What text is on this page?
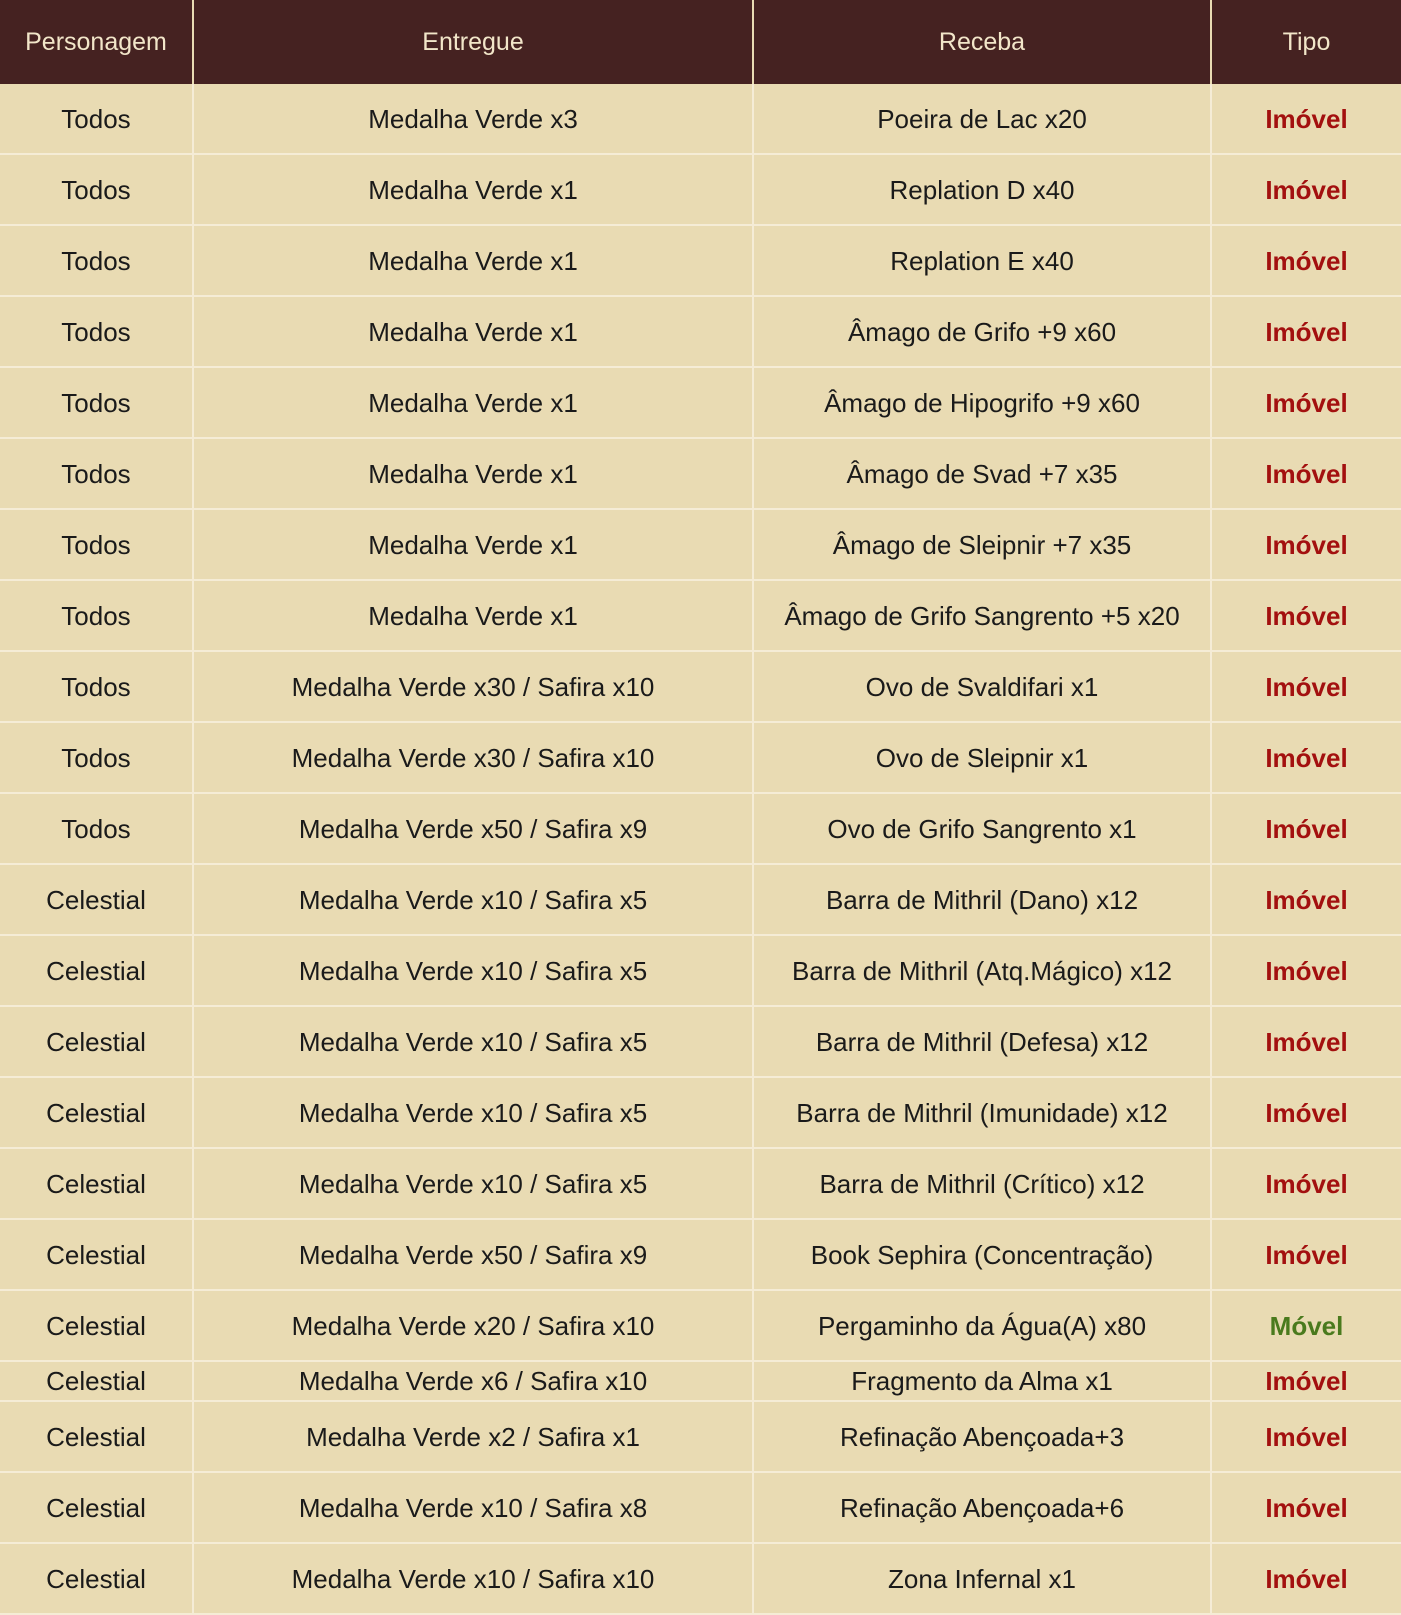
Personagem	Entregue	Receba	Tipo
Todos	Medalha Verde x3	Poeira de Lac x20	Imóvel
Todos	Medalha Verde x1	Replation D x40	Imóvel
Todos	Medalha Verde x1	Replation E x40	Imóvel
Todos	Medalha Verde x1	Âmago de Grifo +9 x60	Imóvel
Todos	Medalha Verde x1	Âmago de Hipogrifo +9 x60	Imóvel
Todos	Medalha Verde x1	Âmago de Svad +7 x35	Imóvel
Todos	Medalha Verde x1	Âmago de Sleipnir +7 x35	Imóvel
Todos	Medalha Verde x1	Âmago de Grifo Sangrento +5 x20	Imóvel
Todos	Medalha Verde x30 / Safira x10	Ovo de Svaldifari x1	Imóvel
Todos	Medalha Verde x30 / Safira x10	Ovo de Sleipnir x1	Imóvel
Todos	Medalha Verde x50 / Safira x9	Ovo de Grifo Sangrento x1	Imóvel
Celestial	Medalha Verde x10 / Safira x5	Barra de Mithril (Dano) x12	Imóvel
Celestial	Medalha Verde x10 / Safira x5	Barra de Mithril (Atq.Mágico) x12	Imóvel
Celestial	Medalha Verde x10 / Safira x5	Barra de Mithril (Defesa) x12	Imóvel
Celestial	Medalha Verde x10 / Safira x5	Barra de Mithril (Imunidade) x12	Imóvel
Celestial	Medalha Verde x10 / Safira x5	Barra de Mithril (Crítico) x12	Imóvel
Celestial	Medalha Verde x50 / Safira x9	Book Sephira (Concentração)	Imóvel
Celestial	Medalha Verde x20 / Safira x10	Pergaminho da Água(A) x80	Móvel
Celestial	Medalha Verde x6 / Safira x10	Fragmento da Alma x1	Imóvel
Celestial	Medalha Verde x2 / Safira x1	Refinação Abençoada+3	Imóvel
Celestial	Medalha Verde x10 / Safira x8	Refinação Abençoada+6	Imóvel
Celestial	Medalha Verde x10 / Safira x10	Zona Infernal x1	Imóvel
